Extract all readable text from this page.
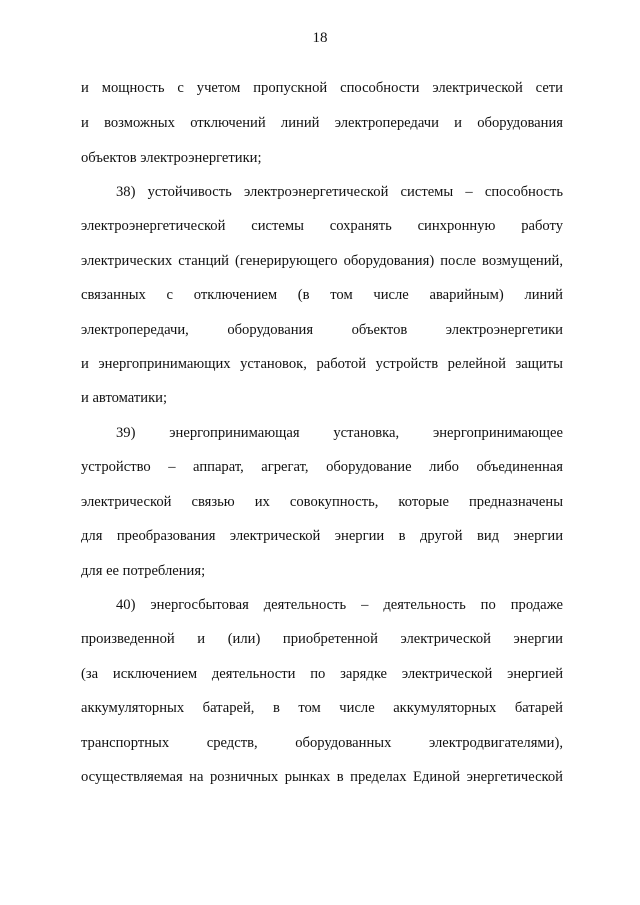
18
и мощность с учетом пропускной способности электрической сети
и возможных отключений линий электропередачи и оборудования
объектов электроэнергетики;
38) устойчивость электроэнергетической системы – способность
электроэнергетической системы сохранять синхронную работу
электрических станций (генерирующего оборудования) после возмущений,
связанных с отключением (в том числе аварийным) линий
электропередачи, оборудования объектов электроэнергетики
и энергопринимающих установок, работой устройств релейной защиты
и автоматики;
39) энергопринимающая установка, энергопринимающее
устройство – аппарат, агрегат, оборудование либо объединенная
электрической связью их совокупность, которые предназначены
для преобразования электрической энергии в другой вид энергии
для ее потребления;
40) энергосбытовая деятельность – деятельность по продаже
произведенной и (или) приобретенной электрической энергии
(за исключением деятельности по зарядке электрической энергией
аккумуляторных батарей, в том числе аккумуляторных батарей
транспортных средств, оборудованных электродвигателями),
осуществляемая на розничных рынках в пределах Единой энергетической
